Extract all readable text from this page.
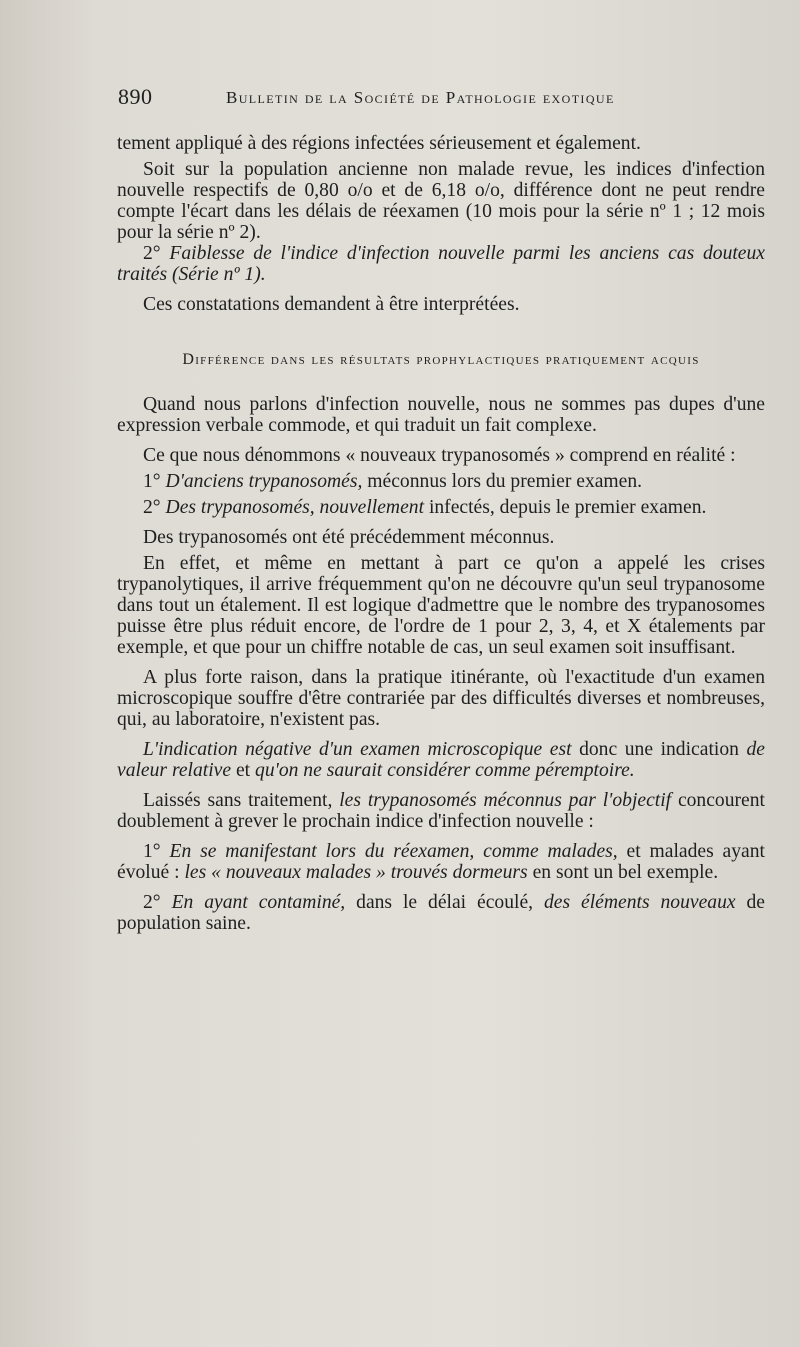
890	Bulletin de la Société de Pathologie exotique

tement appliqué à des régions infectées sérieusement et également.

Soit sur la population ancienne non malade revue, les indices d'infection nouvelle respectifs de 0,80 o/o et de 6,18 o/o, différence dont ne peut rendre compte l'écart dans les délais de réexamen (10 mois pour la série nº 1 ; 12 mois pour la série nº 2).

2° Faiblesse de l'indice d'infection nouvelle parmi les anciens cas douteux traités (Série nº 1).

Ces constatations demandent à être interprétées.

Différence dans les résultats prophylactiques pratiquement acquis

Quand nous parlons d'infection nouvelle, nous ne sommes pas dupes d'une expression verbale commode, et qui traduit un fait complexe.

Ce que nous dénommons « nouveaux trypanosomés » comprend en réalité :

1° D'anciens trypanosomés, méconnus lors du premier examen.

2° Des trypanosomés, nouvellement infectés, depuis le premier examen.

Des trypanosomés ont été précédemment méconnus.

En effet, et même en mettant à part ce qu'on a appelé les crises trypanolytiques, il arrive fréquemment qu'on ne découvre qu'un seul trypanosome dans tout un étalement. Il est logique d'admettre que le nombre des trypanosomes puisse être plus réduit encore, de l'ordre de 1 pour 2, 3, 4, et X étalements par exemple, et que pour un chiffre notable de cas, un seul examen soit insuffisant.

A plus forte raison, dans la pratique itinérante, où l'exactitude d'un examen microscopique souffre d'être contrariée par des difficultés diverses et nombreuses, qui, au laboratoire, n'existent pas.

L'indication négative d'un examen microscopique est donc une indication de valeur relative et qu'on ne saurait considérer comme péremptoire.

Laissés sans traitement, les trypanosomés méconnus par l'objectif concourent doublement à grever le prochain indice d'infection nouvelle :

1° En se manifestant lors du réexamen, comme malades, et malades ayant évolué : les « nouveaux malades » trouvés dormeurs en sont un bel exemple.

2° En ayant contaminé, dans le délai écoulé, des éléments nouveaux de population saine.
